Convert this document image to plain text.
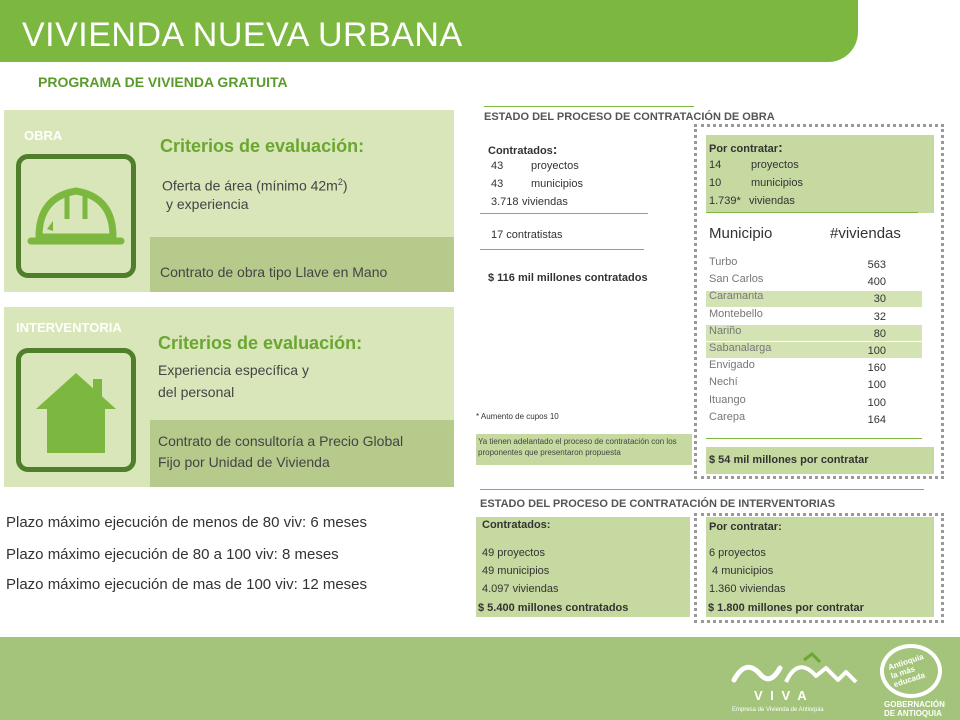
VIVIENDA NUEVA URBANA
PROGRAMA DE VIVIENDA GRATUITA
OBRA
Criterios de evaluación:
Oferta de área (mínimo $42m^2$)
y experiencia
Contrato de obra tipo Llave en Mano
INTERVENTORIA
Criterios de evaluación:
Experiencia específica y
del personal
Contrato de consultoría a Precio Global
Fijo por Unidad de Vivienda
Plazo máximo ejecución de menos de 80 viv: 6 meses
Plazo máximo ejecución de 80 a 100 viv: 8 meses
Plazo máximo ejecución de mas de 100 viv: 12 meses
ESTADO DEL PROCESO DE CONTRATACIÓN DE OBRA
Contratados:
43	proyectos
43	municipios
3.718 viviendas
17 contratistas
$ 116 mil millones contratados
Por contratar:
14	proyectos
10	municipios
1.739* viviendas
Municipio	#viviendas
Turbo	563
San Carlos	400
Caramanta	30
Montebello	32
Nariño	80
Sabanalarga	100
Envigado	160
Nechí	100
Ituango	100
Carepa	164
* Aumento de cupos 10
Ya tienen adelantado el proceso de contratación con los proponentes que presentaron propuesta
$ 54 mil millones por contratar
ESTADO DEL PROCESO DE CONTRATACIÓN DE INTERVENTORIAS
Contratados:
49 proyectos
49 municipios
4.097 viviendas
$ 5.400 millones contratados
Por contratar:
6 proyectos
4 municipios
1.360 viviendas
$ 1.800 millones por contratar
V I V A
Empresa de Vivienda de Antioquia
Antioquia la más educada
GOBERNACIÓN
DE ANTIOQUIA
